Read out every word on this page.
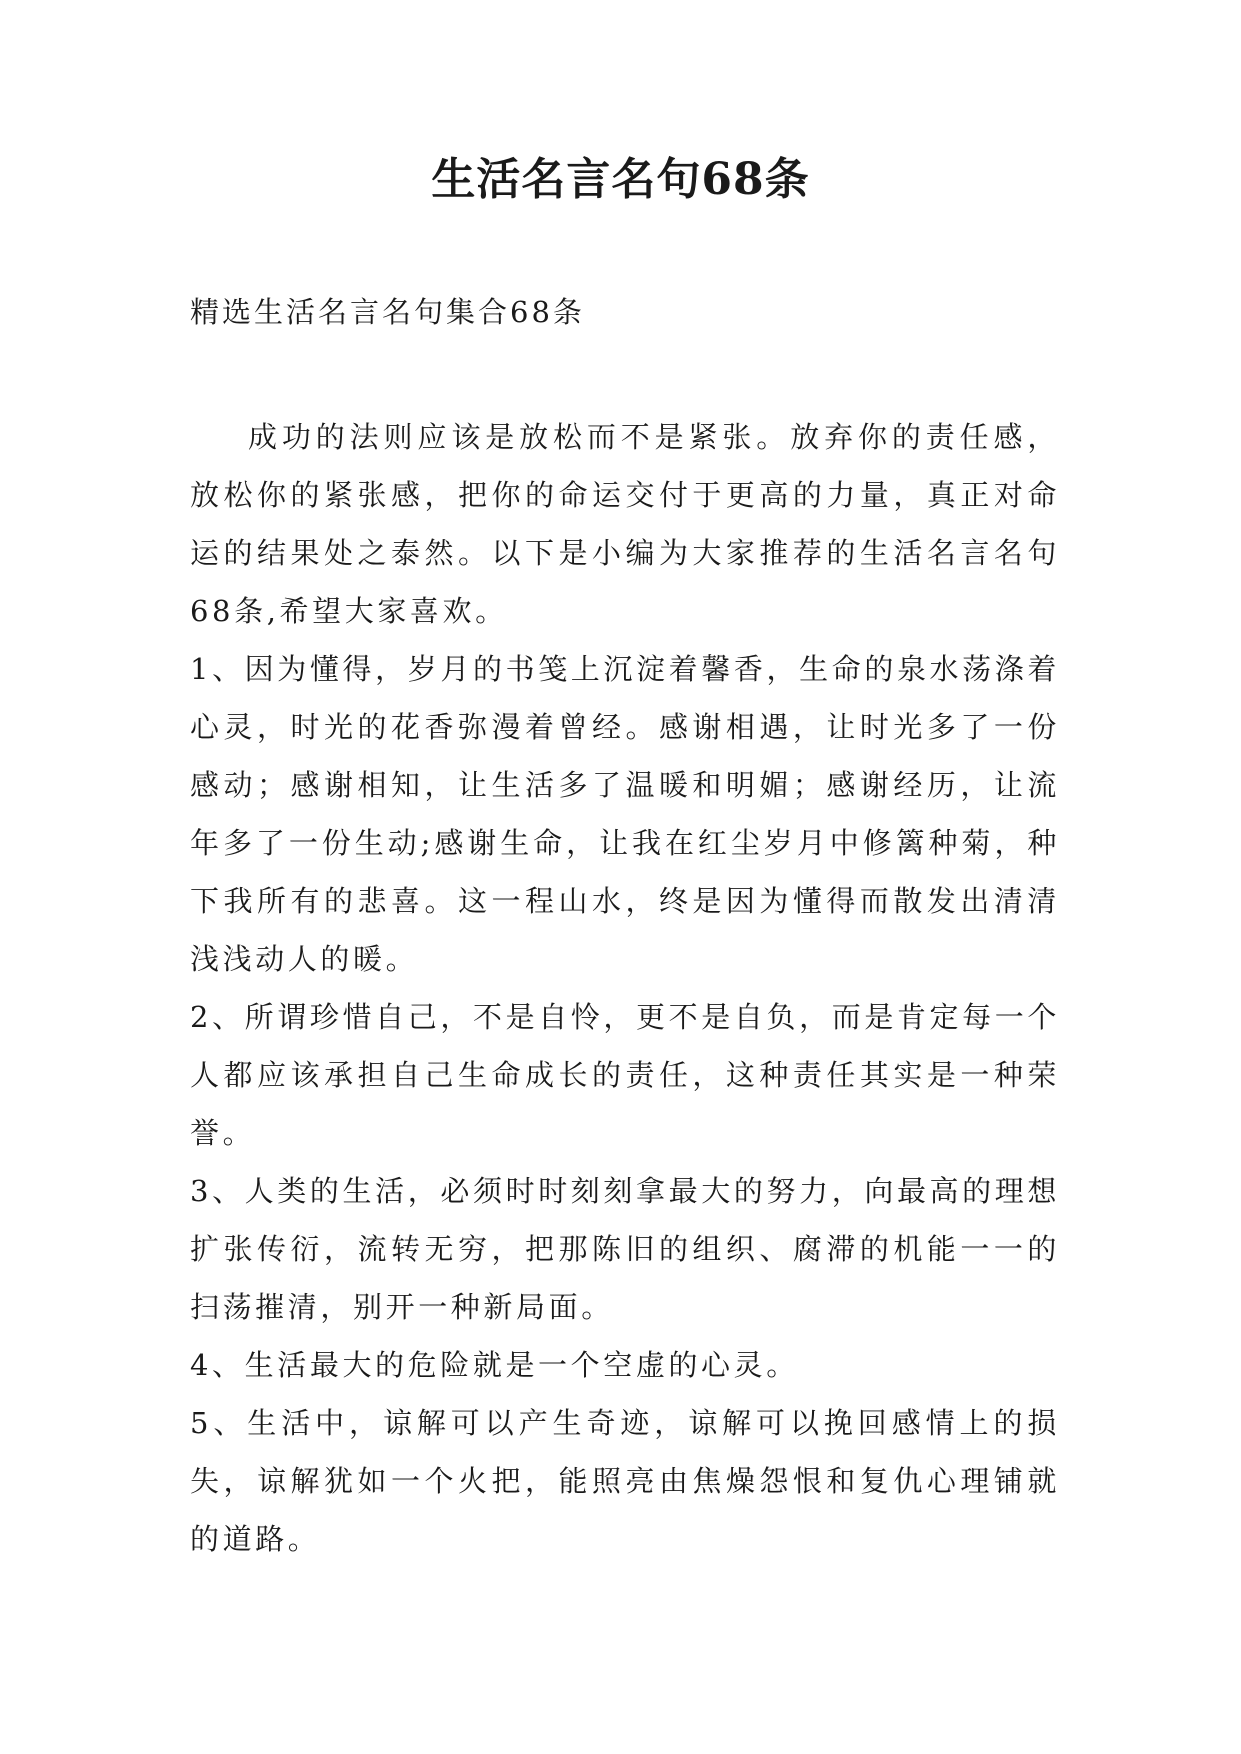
生活名言名句68条

精选生活名言名句集合68条

成功的法则应该是放松而不是紧张。放弃你的责任感，放松你的紧张感，把你的命运交付于更高的力量，真正对命运的结果处之泰然。以下是小编为大家推荐的生活名言名句68条,希望大家喜欢。

1、因为懂得，岁月的书笺上沉淀着馨香，生命的泉水荡涤着心灵，时光的花香弥漫着曾经。感谢相遇，让时光多了一份感动；感谢相知，让生活多了温暖和明媚；感谢经历，让流年多了一份生动;感谢生命，让我在红尘岁月中修篱种菊，种下我所有的悲喜。这一程山水，终是因为懂得而散发出清清浅浅动人的暖。

2、所谓珍惜自己，不是自怜，更不是自负，而是肯定每一个人都应该承担自己生命成长的责任，这种责任其实是一种荣誉。

3、人类的生活，必须时时刻刻拿最大的努力，向最高的理想扩张传衍，流转无穷，把那陈旧的组织、腐滞的机能一一的扫荡摧清，别开一种新局面。

4、生活最大的危险就是一个空虚的心灵。

5、生活中，谅解可以产生奇迹，谅解可以挽回感情上的损失，谅解犹如一个火把，能照亮由焦燥怨恨和复仇心理铺就的道路。
